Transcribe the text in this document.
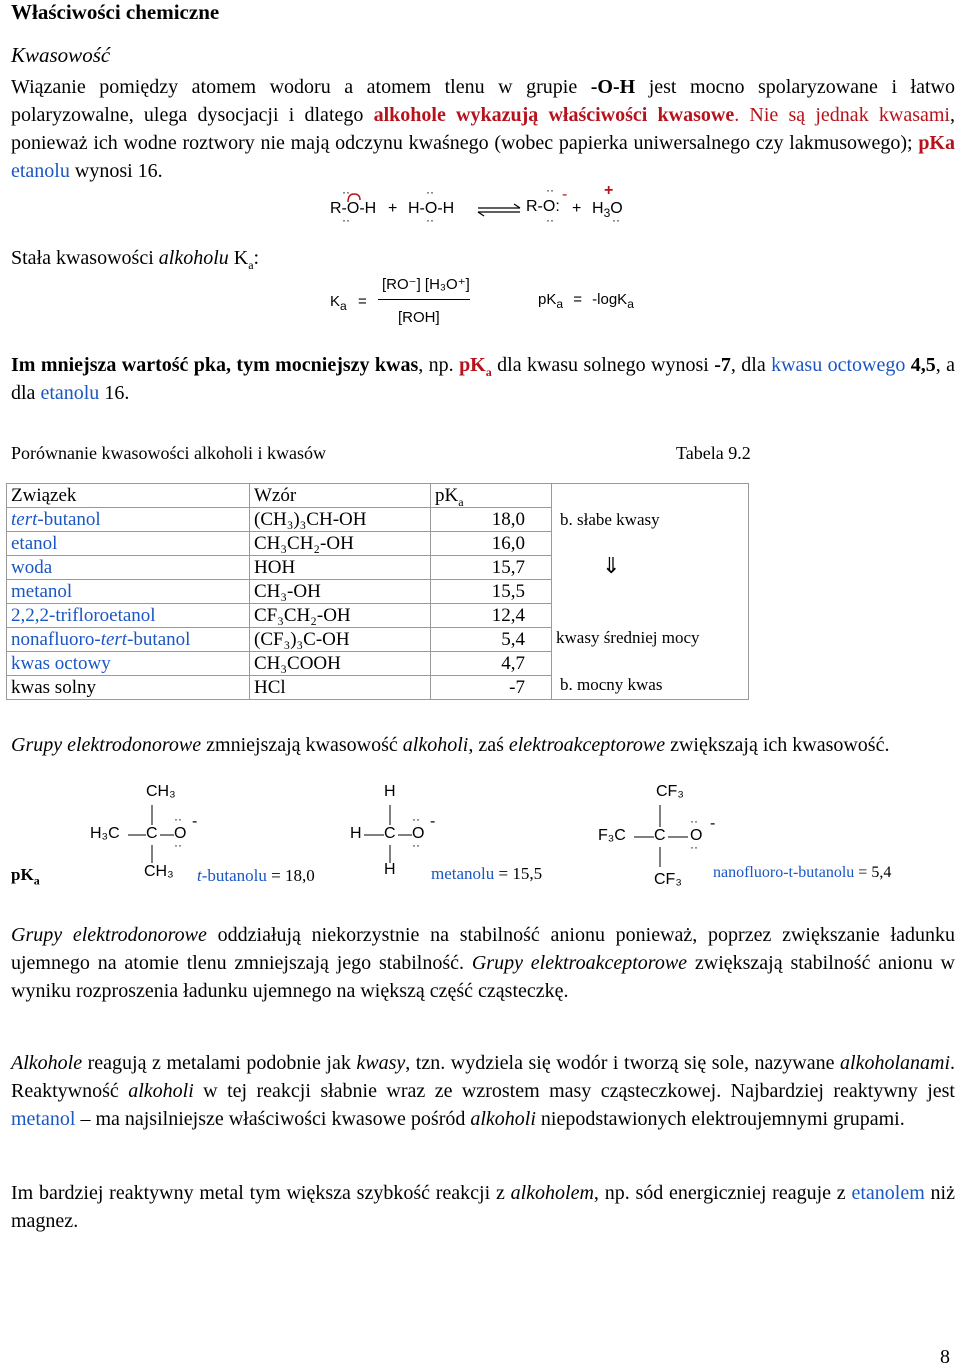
Właściwości chemiczne
Kwasowość

Wiązanie pomiędzy atomem wodoru a atomem tlenu w grupie -O-H jest mocno spolaryzowane i łatwo polaryzowalne, ulega dysocjacji i dlatego alkohole wykazują właściwości kwasowe. Nie są jednak kwasami, ponieważ ich wodne roztwory nie mają odczynu kwaśnego (wobec papierka uniwersalnego czy lakmusowego); pKa etanolu wynosi 16.

··
··
··
··
··
··	··
R-O-H + H-O-H	R-O:
-
+ $H_3O$
+
Stała kwasowości alkoholu $K_a$:
$K_a$ =
[RO⁻] [H₃O⁺]
[ROH]
$pK_a = -\log K_a$

Im mniejsza wartość pka, tym mocniejszy kwas, np. $pK_a$ dla kwasu solnego wynosi -7, dla kwasu octowego 4,5, a dla etanolu 16.

Porównanie kwasowości alkoholi i kwasów	Tabela 9.2
Związek	Wzór	$pK_a$	b. słabe kwasy
⇓
kwasy średniej mocy
b. mocny kwas

tert-butanol	(CH₃)₃CH-OH	18,0	
etanol	CH₃CH₂-OH	16,0	
woda	HOH	15,7	
metanol	CH₃-OH	15,5	
2,2,2-trifloroetanol	CF₃CH₂-OH	12,4	
nonafluoro-tert-butanol	(CF₃)₃C-OH	5,4	
kwas octowy	CH₃COOH	4,7	
kwas solny	HCl	-7	

Grupy elektrodonorowe zmniejszają kwasowość alkoholi, zaś elektroakceptorowe zwiększają ich kwasowość.

$pK_a$
··
··
CH₃
H₃C C O
-
CH₃ t-butanolu = 18,0
··
··
H
H C O
-
H metanolu = 15,5
··
··
CF₃
F₃C C O
-
CF₃ nanofluoro-t-butanolu = 5,4

Grupy elektrodonorowe oddziałują niekorzystnie na stabilność anionu ponieważ, poprzez zwiększanie ładunku ujemnego na atomie tlenu zmniejszają jego stabilność. Grupy elektroakceptorowe zwiększają stabilność anionu w wyniku rozproszenia ładunku ujemnego na większą część cząsteczkę.

Alkohole reagują z metalami podobnie jak kwasy, tzn. wydziela się wodór i tworzą się sole, nazywane alkoholanami. Reaktywność alkoholi w tej reakcji słabnie wraz ze wzrostem masy cząsteczkowej. Najbardziej reaktywny jest metanol – ma najsilniejsze właściwości kwasowe pośród alkoholi niepodstawionych elektroujemnymi grupami.

Im bardziej reaktywny metal tym większa szybkość reakcji z alkoholem, np. sód energiczniej reaguje z etanolem niż magnez.

8
